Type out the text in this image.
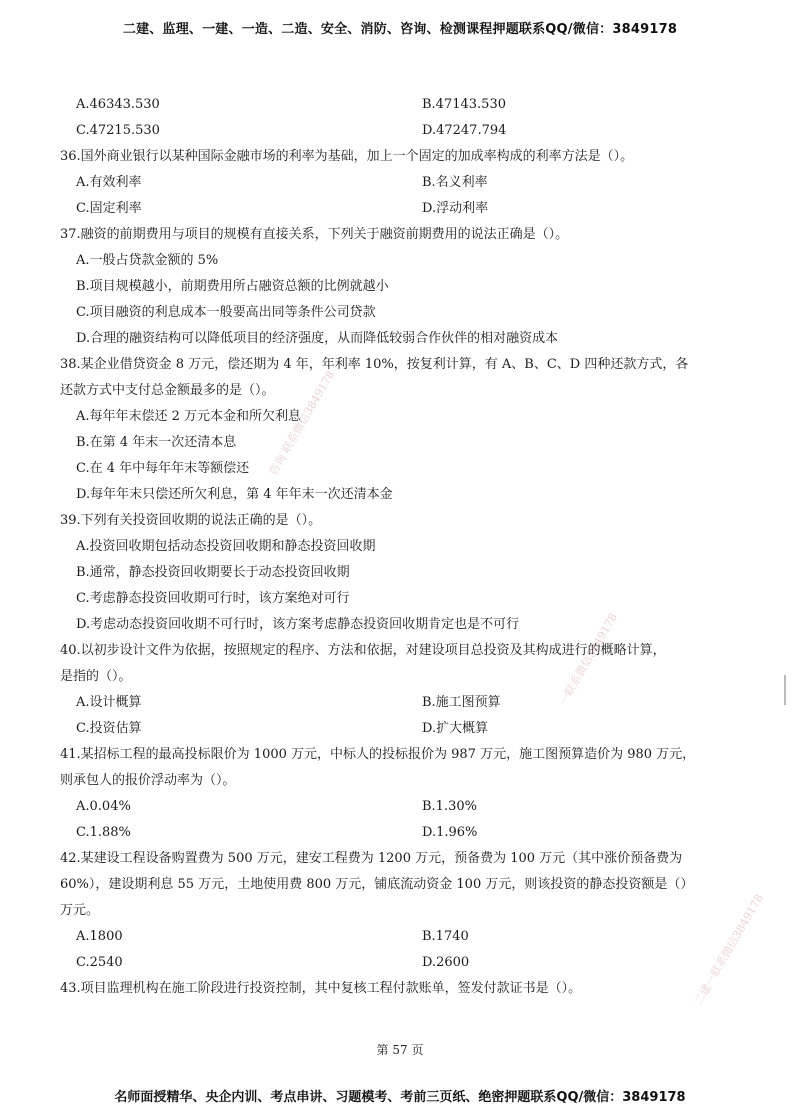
二建、监理、一建、一造、二造、安全、消防、咨询、检测课程押题联系QQ/微信：3849178
A.46343.530	B.47143.530
C.47215.530	D.47247.794

36.国外商业银行以某种国际金融市场的利率为基础，加上一个固定的加成率构成的利率方法是（）。

A.有效利率	B.名义利率
C.固定利率	D.浮动利率

37.融资的前期费用与项目的规模有直接关系，下列关于融资前期费用的说法正确是（）。

A.一般占贷款金额的 5%
B.项目规模越小，前期费用所占融资总额的比例就越小
C.项目融资的利息成本一般要高出同等条件公司贷款
D.合理的融资结构可以降低项目的经济强度，从而降低较弱合作伙伴的相对融资成本

38.某企业借贷资金 8 万元，偿还期为 4 年，年利率 10%，按复利计算，有 A、B、C、D 四种还款方式，各

还款方式中支付总金额最多的是（）。

A.每年年末偿还 2 万元本金和所欠利息
B.在第 4 年末一次还清本息
C.在 4 年中每年年末等额偿还
D.每年年末只偿还所欠利息，第 4 年年末一次还清本金

39.下列有关投资回收期的说法正确的是（）。

A.投资回收期包括动态投资回收期和静态投资回收期
B.通常，静态投资回收期要长于动态投资回收期
C.考虑静态投资回收期可行时，该方案绝对可行
D.考虑动态投资回收期不可行时，该方案考虑静态投资回收期肯定也是不可行

40.以初步设计文件为依据，按照规定的程序、方法和依据，对建设项目总投资及其构成进行的概略计算，

是指的（）。

A.设计概算	B.施工图预算
C.投资估算	D.扩大概算

41.某招标工程的最高投标限价为 1000 万元，中标人的投标报价为 987 万元，施工图预算造价为 980 万元，

则承包人的报价浮动率为（）。

A.0.04%	B.1.30%
C.1.88%	D.1.96%

42.某建设工程设备购置费为 500 万元，建安工程费为 1200 万元，预备费为 100 万元（其中涨价预备费为

60%），建设期利息 55 万元，土地使用费 800 万元，铺底流动资金 100 万元，则该投资的静态投资额是（）

万元。

A.1800	B.1740
C.2540	D.2600

43.项目监理机构在施工阶段进行投资控制，其中复核工程付款账单，签发付款证书是（）。

咨询 联系微信3849178
一联系微信3849178
二建一联系微信3849178
第 57 页
名师面授精华、央企内训、考点串讲、习题模考、考前三页纸、绝密押题联系QQ/微信：3849178
